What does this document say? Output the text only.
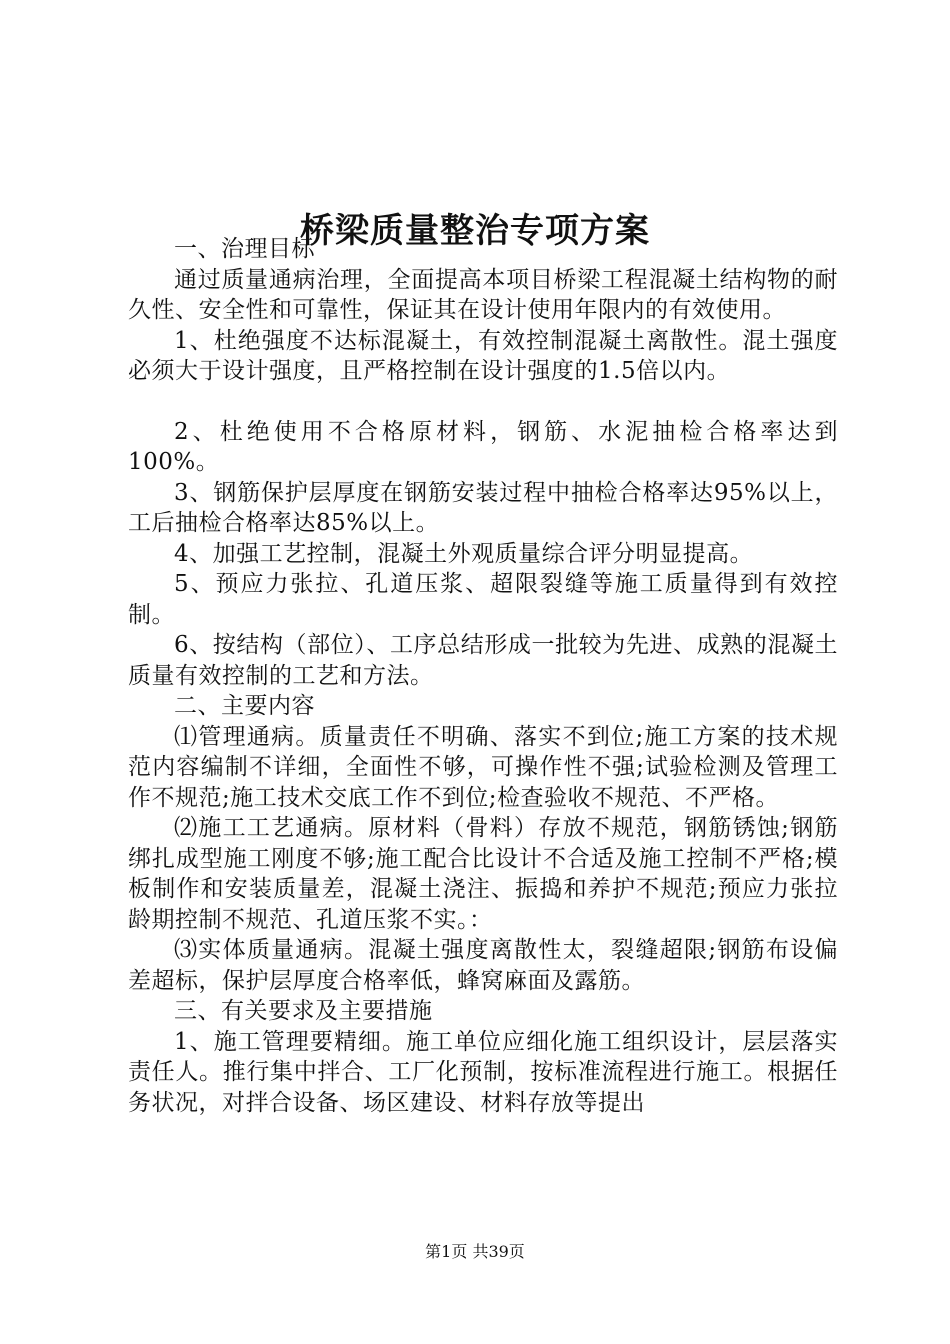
桥梁质量整治专项方案

一、治理目标

通过质量通病治理，全面提高本项目桥梁工程混凝土结构物的耐久性、安全性和可靠性，保证其在设计使用年限内的有效使用。

1、杜绝强度不达标混凝土，有效控制混凝土离散性。混土强度必须大于设计强度，且严格控制在设计强度的1.5倍以内。

2、杜绝使用不合格原材料，钢筋、水泥抽检合格率达到100%。

3、钢筋保护层厚度在钢筋安装过程中抽检合格率达95%以上，工后抽检合格率达85%以上。

4、加强工艺控制，混凝土外观质量综合评分明显提高。

5、预应力张拉、孔道压浆、超限裂缝等施工质量得到有效控制。

6、按结构（部位）、工序总结形成一批较为先进、成熟的混凝土质量有效控制的工艺和方法。

二、主要内容

⑴管理通病。质量责任不明确、落实不到位;施工方案的技术规范内容编制不详细，全面性不够，可操作性不强;试验检测及管理工作不规范;施工技术交底工作不到位;检查验收不规范、不严格。

⑵施工工艺通病。原材料（骨料）存放不规范，钢筋锈蚀;钢筋绑扎成型施工刚度不够;施工配合比设计不合适及施工控制不严格;模板制作和安装质量差，混凝土浇注、振捣和养护不规范;预应力张拉龄期控制不规范、孔道压浆不实。：

⑶实体质量通病。混凝土强度离散性太，裂缝超限;钢筋布设偏差超标，保护层厚度合格率低，蜂窝麻面及露筋。

三、有关要求及主要措施

1、施工管理要精细。施工单位应细化施工组织设计，层层落实责任人。推行集中拌合、工厂化预制，按标准流程进行施工。根据任务状况，对拌合设备、场区建设、材料存放等提出

第1页 共39页
